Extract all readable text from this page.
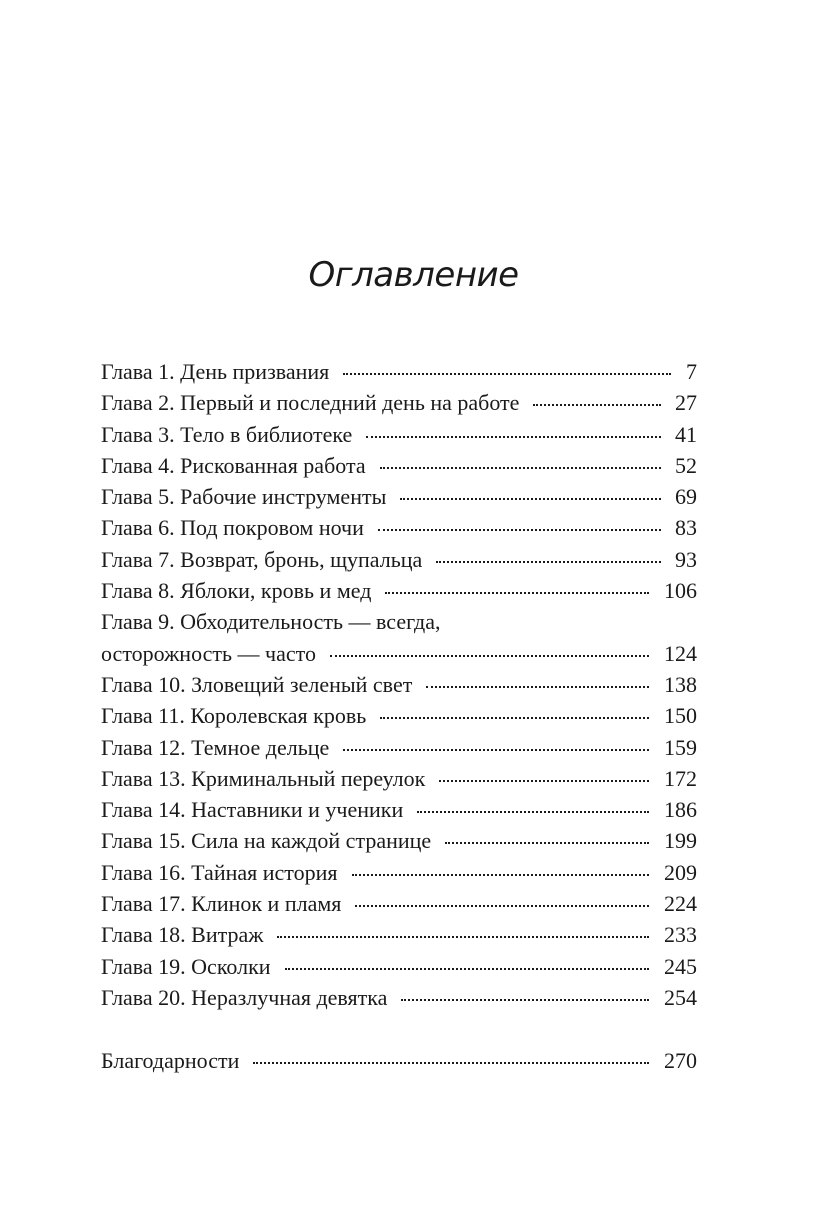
Оглавление
Глава 1. День призвания	7
Глава 2. Первый и последний день на работе	27
Глава 3. Тело в библиотеке	41
Глава 4. Рискованная работа	52
Глава 5. Рабочие инструменты	69
Глава 6. Под покровом ночи	83
Глава 7. Возврат, бронь, щупальца	93
Глава 8. Яблоки, кровь и мед	106
Глава 9. Обходительность — всегда,
осторожность — часто	124
Глава 10. Зловещий зеленый свет	138
Глава 11. Королевская кровь	150
Глава 12. Темное дельце	159
Глава 13. Криминальный переулок	172
Глава 14. Наставники и ученики	186
Глава 15. Сила на каждой странице	199
Глава 16. Тайная история	209
Глава 17. Клинок и пламя	224
Глава 18. Витраж	233
Глава 19. Осколки	245
Глава 20. Неразлучная девятка	254
Благодарности	270
